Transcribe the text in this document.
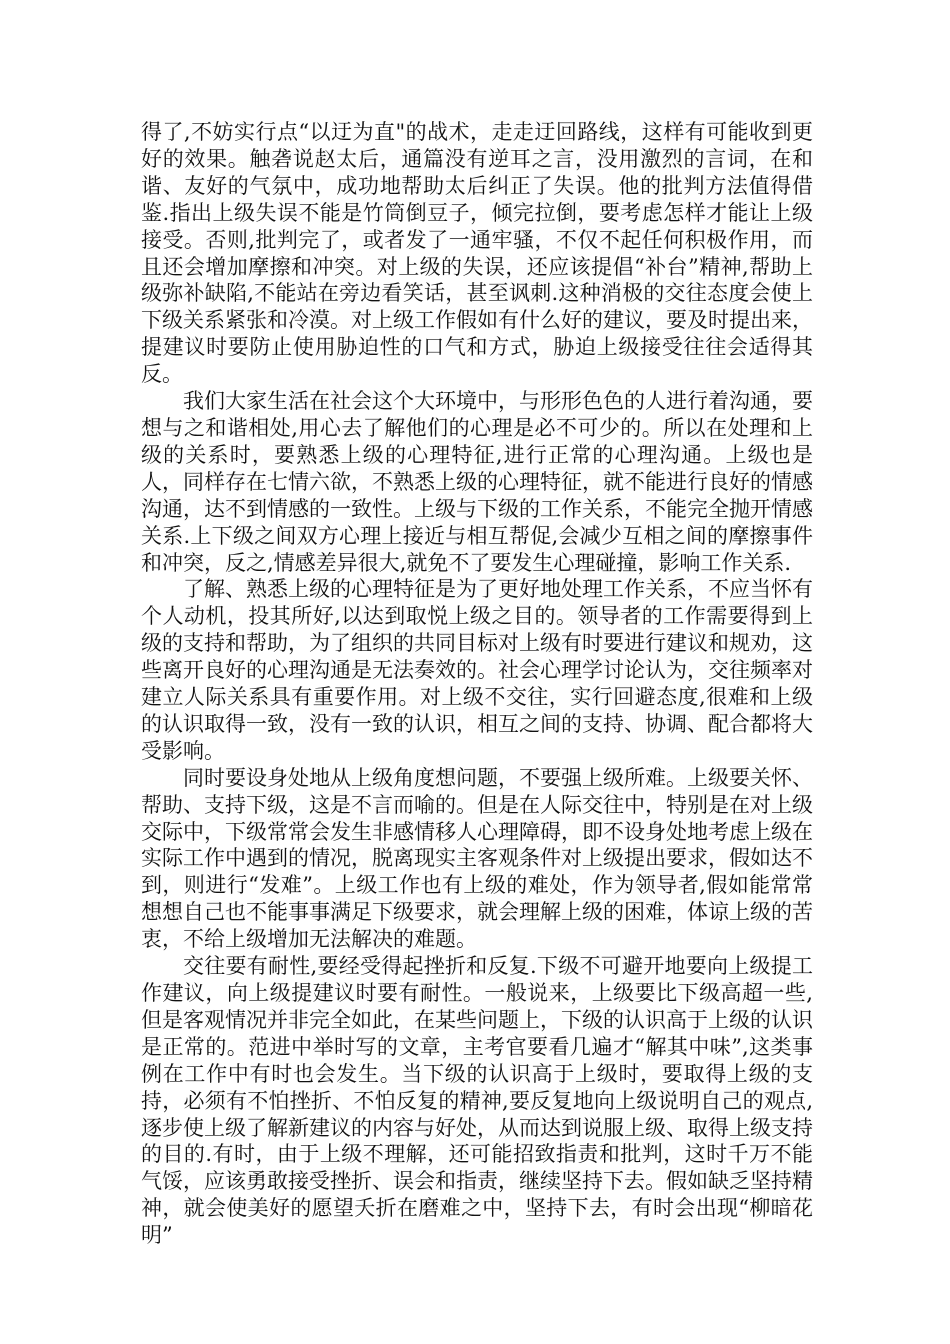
得了,不妨实行点“以迂为直"的战术，走走迂回路线，这样有可能收到更好的效果。触砻说赵太后，通篇没有逆耳之言，没用激烈的言词，在和谐、友好的气氛中，成功地帮助太后纠正了失误。他的批判方法值得借鉴.指出上级失误不能是竹筒倒豆子，倾完拉倒，要考虑怎样才能让上级接受。否则,批判完了，或者发了一通牢骚，不仅不起任何积极作用，而且还会增加摩擦和冲突。对上级的失误，还应该提倡“补台”精神,帮助上级弥补缺陷,不能站在旁边看笑话，甚至讽刺.这种消极的交往态度会使上下级关系紧张和冷漠。对上级工作假如有什么好的建议，要及时提出来，提建议时要防止使用胁迫性的口气和方式，胁迫上级接受往往会适得其反。

我们大家生活在社会这个大环境中，与形形色色的人进行着沟通，要想与之和谐相处,用心去了解他们的心理是必不可少的。所以在处理和上级的关系时，要熟悉上级的心理特征,进行正常的心理沟通。上级也是人，同样存在七情六欲，不熟悉上级的心理特征，就不能进行良好的情感沟通，达不到情感的一致性。上级与下级的工作关系，不能完全抛开情感关系.上下级之间双方心理上接近与相互帮促,会减少互相之间的摩擦事件和冲突，反之,情感差异很大,就免不了要发生心理碰撞，影响工作关系.

了解、熟悉上级的心理特征是为了更好地处理工作关系，不应当怀有个人动机，投其所好,以达到取悦上级之目的。领导者的工作需要得到上级的支持和帮助，为了组织的共同目标对上级有时要进行建议和规劝，这些离开良好的心理沟通是无法奏效的。社会心理学讨论认为，交往频率对建立人际关系具有重要作用。对上级不交往，实行回避态度,很难和上级的认识取得一致，没有一致的认识，相互之间的支持、协调、配合都将大受影响。

同时要设身处地从上级角度想问题，不要强上级所难。上级要关怀、帮助、支持下级，这是不言而喻的。但是在人际交往中，特别是在对上级交际中，下级常常会发生非感情移人心理障碍，即不设身处地考虑上级在实际工作中遇到的情况，脱离现实主客观条件对上级提出要求，假如达不到，则进行“发难”。上级工作也有上级的难处，作为领导者,假如能常常想想自己也不能事事满足下级要求，就会理解上级的困难，体谅上级的苦衷，不给上级增加无法解决的难题。

交往要有耐性,要经受得起挫折和反复.下级不可避开地要向上级提工作建议，向上级提建议时要有耐性。一般说来，上级要比下级高超一些,但是客观情况并非完全如此，在某些问题上，下级的认识高于上级的认识是正常的。范进中举时写的文章，主考官要看几遍才“解其中味”,这类事例在工作中有时也会发生。当下级的认识高于上级时，要取得上级的支持，必须有不怕挫折、不怕反复的精神,要反复地向上级说明自己的观点,逐步使上级了解新建议的内容与好处，从而达到说服上级、取得上级支持的目的.有时，由于上级不理解，还可能招致指责和批判，这时千万不能气馁，应该勇敢接受挫折、误会和指责，继续坚持下去。假如缺乏坚持精神，就会使美好的愿望夭折在磨难之中，坚持下去，有时会出现“柳暗花明”
